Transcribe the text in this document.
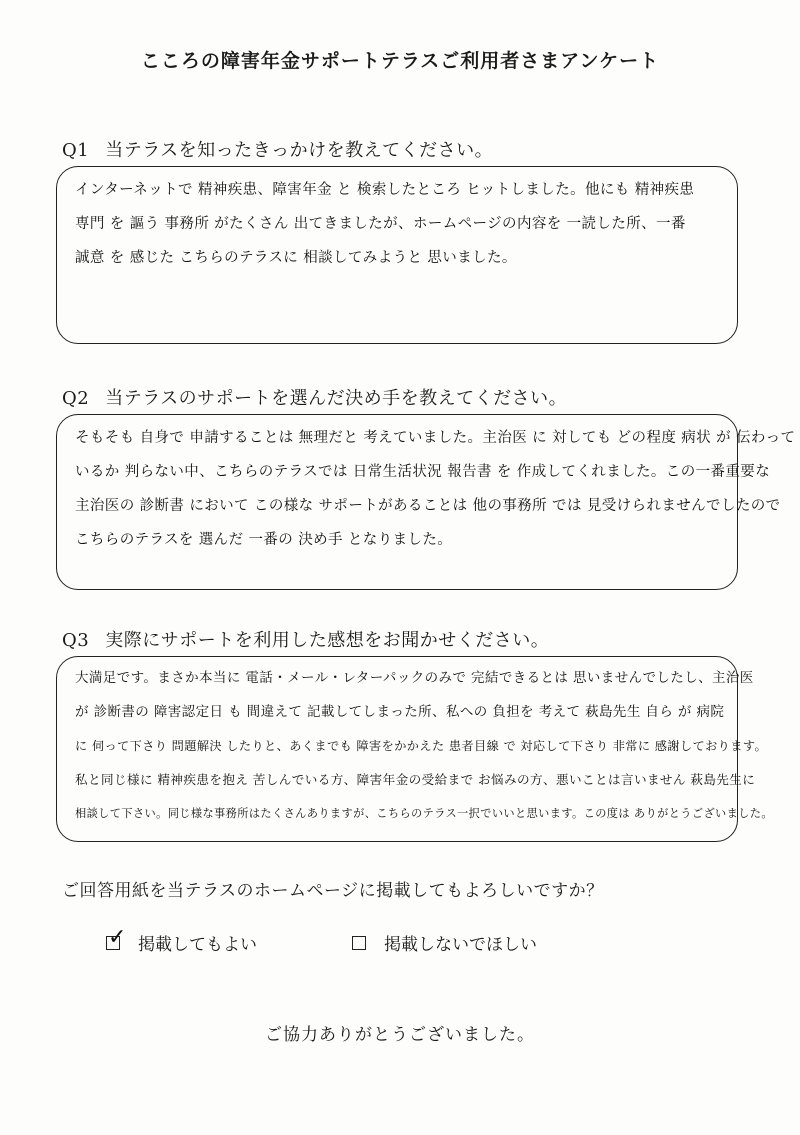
こころの障害年金サポートテラスご利用者さまアンケート
Q1 当テラスを知ったきっかけを教えてください。

インターネットで 精神疾患、障害年金 と 検索したところ ヒットしました。他にも 精神疾患

専門 を 謳う 事務所 がたくさん 出てきましたが、ホームページの内容を 一読した所、一番

誠意 を 感じた こちらのテラスに 相談してみようと 思いました。

Q2 当テラスのサポートを選んだ決め手を教えてください。

そもそも 自身で 申請することは 無理だと 考えていました。主治医 に 対しても どの程度 病状 が 伝わって

いるか 判らない中、こちらのテラスでは 日常生活状況 報告書 を 作成してくれました。この一番重要な

主治医の 診断書 において この様な サポートがあることは 他の事務所 では 見受けられませんでしたので

こちらのテラスを 選んだ 一番の 決め手 となりました。

Q3 実際にサポートを利用した感想をお聞かせください。

大満足です。まさか本当に 電話・メール・レターパックのみで 完結できるとは 思いませんでしたし、主治医

が 診断書の 障害認定日 も 間違えて 記載してしまった所、私への 負担を 考えて 萩島先生 自ら が 病院

に 伺って下さり 問題解決 したりと、あくまでも 障害をかかえた 患者目線 で 対応して下さり 非常に 感謝しております。

私と同じ様に 精神疾患を抱え 苦しんでいる方、障害年金の受給まで お悩みの方、悪いことは言いません 萩島先生に

相談して下さい。同じ様な事務所はたくさんありますが、こちらのテラス一択でいいと思います。この度は ありがとうございました。

ご回答用紙を当テラスのホームページに掲載してもよろしいですか？
✓ 掲載してもよい	掲載しないでほしい
ご協力ありがとうございました。
